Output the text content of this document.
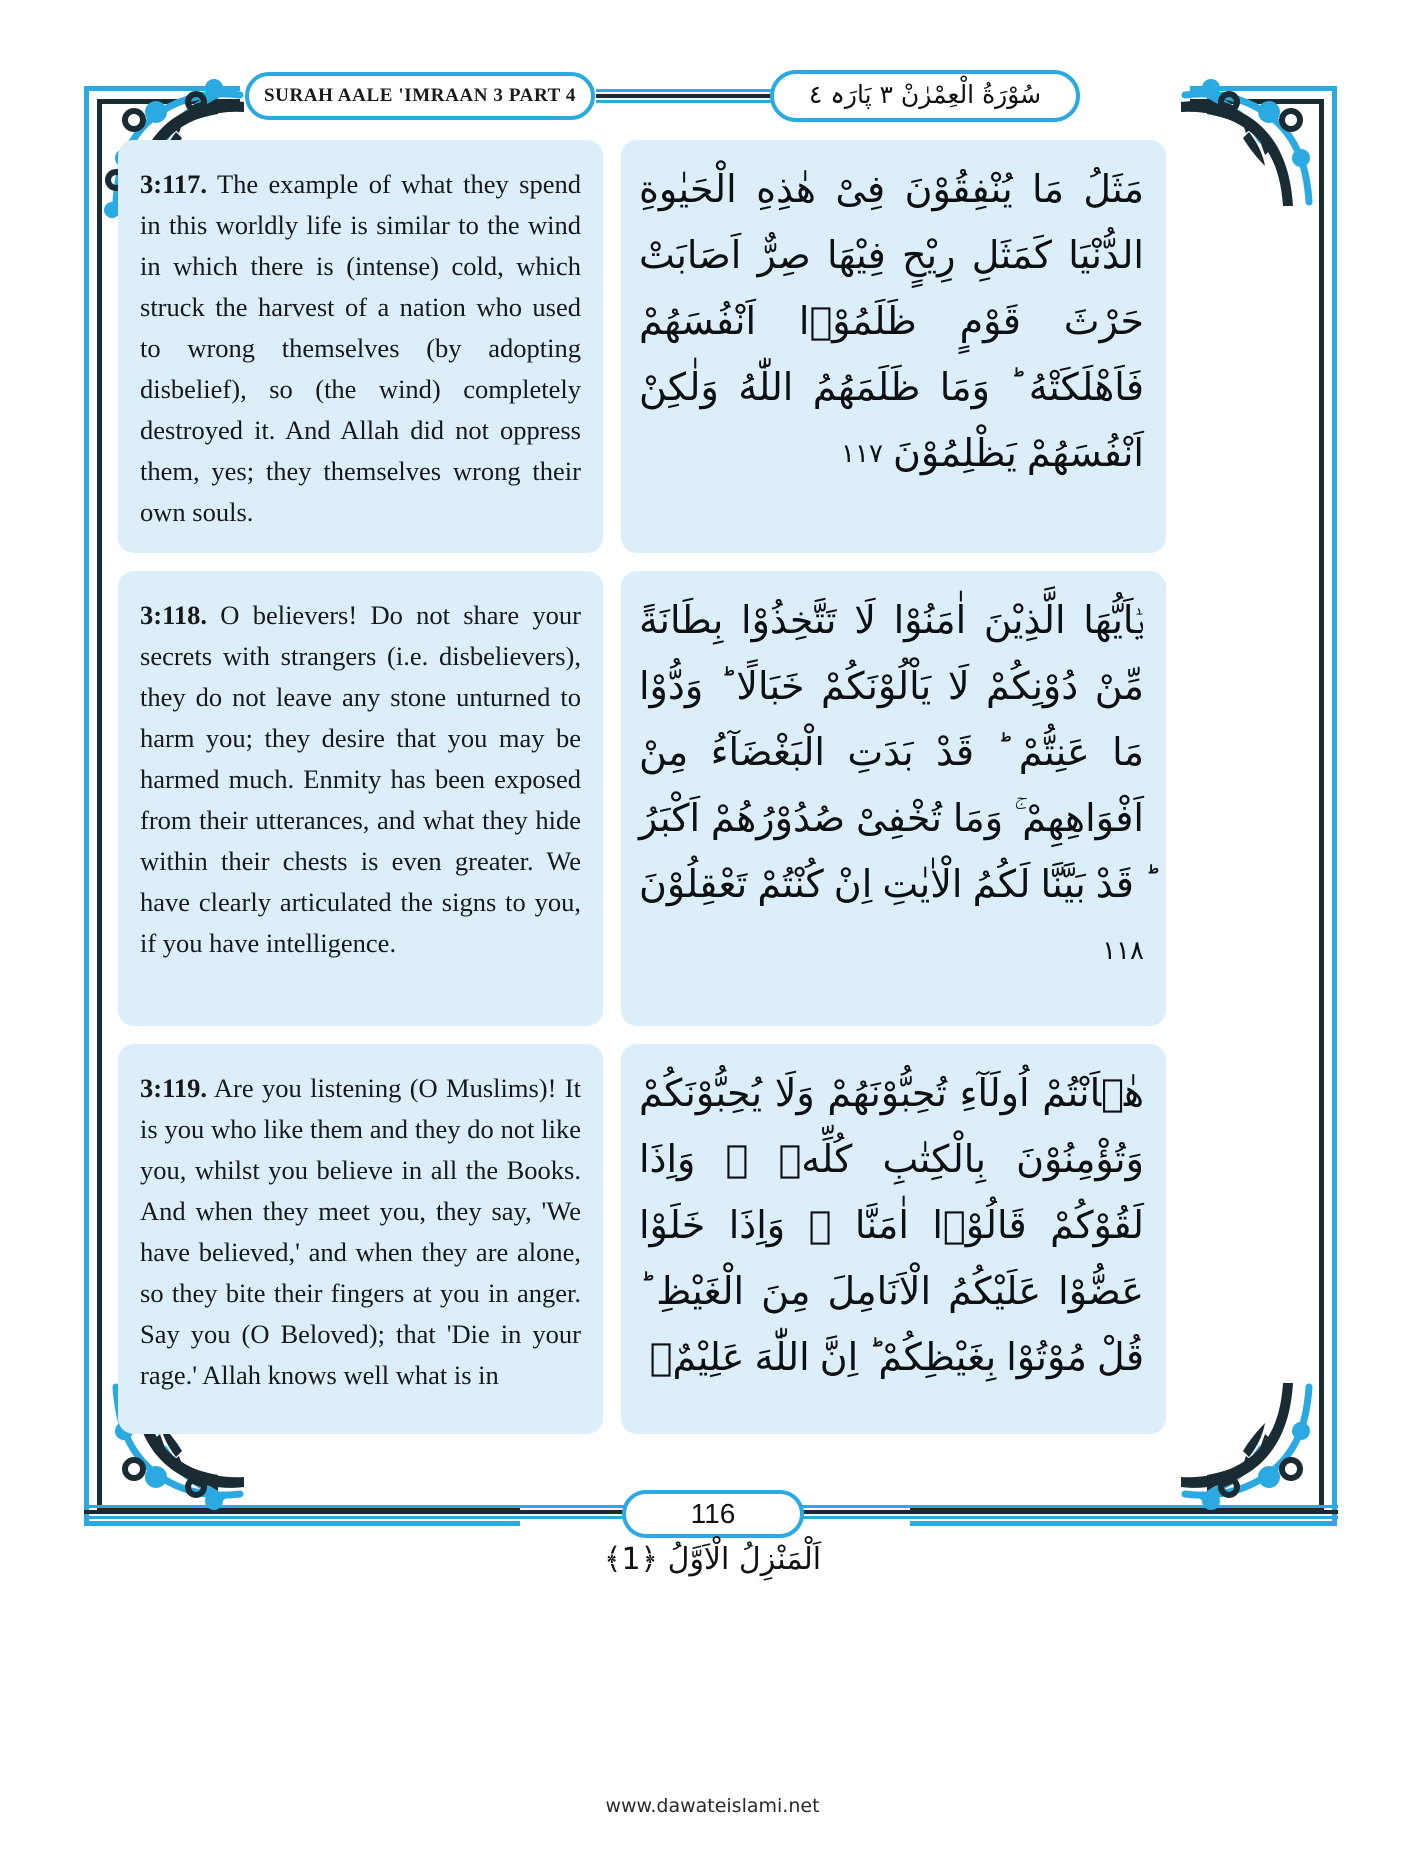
SURAH AALE 'IMRAAN 3 PART 4	سُوْرَةُ الْعِمْرٰنْ ٣ پَارَہ ٤
3:117. The example of what they spend in this worldly life is similar to the wind in which there is (intense) cold, which struck the harvest of a nation who used to wrong themselves (by adopting disbelief), so (the wind) completely destroyed it. And Allah did not oppress them, yes; they themselves wrong their own souls.
مَثَلُ مَا يُنْفِقُوْنَ فِىْ هٰذِهِ الْحَيٰوةِ الدُّنْيَا كَمَثَلِ رِيْحٍ فِيْهَا صِرٌّ اَصَابَتْ حَرْثَ قَوْمٍ ظَلَمُوْۤا اَنْفُسَهُمْ فَاَهْلَكَتْهُ ؕ وَمَا ظَلَمَهُمُ اللّٰهُ وَلٰكِنْ اَنْفُسَهُمْ يَظْلِمُوْنَ ۱۱۷
3:118. O believers! Do not share your secrets with strangers (i.e. disbelievers), they do not leave any stone unturned to harm you; they desire that you may be harmed much. Enmity has been exposed from their utterances, and what they hide within their chests is even greater. We have clearly articulated the signs to you, if you have intelligence.
يٰۤاَيُّهَا الَّذِيْنَ اٰمَنُوْا لَا تَتَّخِذُوْا بِطَانَةً مِّنْ دُوْنِكُمْ لَا يَاْلُوْنَكُمْ خَبَالًا ؕ وَدُّوْا مَا عَنِتُّمْ ؕ قَدْ بَدَتِ الْبَغْضَآءُ مِنْ اَفْوَاهِهِمْ ۚ وَمَا تُخْفِىْ صُدُوْرُهُمْ اَكْبَرُ ؕ قَدْ بَيَّنَّا لَكُمُ الْاٰيٰتِ اِنْ كُنْتُمْ تَعْقِلُوْنَ ۱۱۸
3:119. Are you listening (O Muslims)! It is you who like them and they do not like you, whilst you believe in all the Books. And when they meet you, they say, 'We have believed,' and when they are alone, so they bite their fingers at you in anger. Say you (O Beloved); that 'Die in your rage.' Allah knows well what is in
هٰۤاَنْتُمْ اُولَآءِ تُحِبُّوْنَهُمْ وَلَا يُحِبُّوْنَكُمْ وَتُؤْمِنُوْنَ بِالْكِتٰبِ كُلِّهٖ ۚ وَاِذَا لَقُوْكُمْ قَالُوْۤا اٰمَنَّا ۚ وَاِذَا خَلَوْا عَضُّوْا عَلَيْكُمُ الْاَنَامِلَ مِنَ الْغَيْظِ ؕ قُلْ مُوْتُوْا بِغَيْظِكُمْ ؕ اِنَّ اللّٰهَ عَلِيْمٌۢ
116
اَلْمَنْزِلُ الْاَوَّلُ ﴿1﴾
www.dawateislami.net
